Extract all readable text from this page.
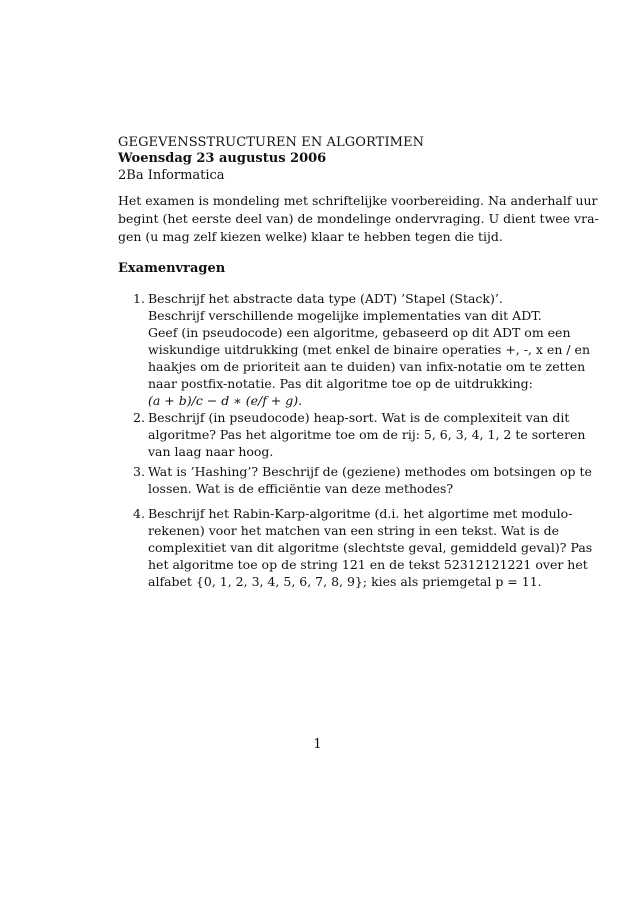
GEGEVENSSTRUCTUREN EN ALGORTIMEN
Woensdag 23 augustus 2006
2Ba Informatica
Het examen is mondeling met schriftelijke voorbereiding. Na anderhalf uur
begint (het eerste deel van) de mondelinge ondervraging. U dient twee vra-
gen (u mag zelf kiezen welke) klaar te hebben tegen die tijd.
Examenvragen
1. Beschrijf het abstracte data type (ADT) ’Stapel (Stack)’.
Beschrijf verschillende mogelijke implementaties van dit ADT.
Geef (in pseudocode) een algoritme, gebaseerd op dit ADT om een
wiskundige uitdrukking (met enkel de binaire operaties +, -, x en / en
haakjes om de prioriteit aan te duiden) van infix-notatie om te zetten
naar postfix-notatie. Pas dit algoritme toe op de uitdrukking:
(a + b)/c − d ∗ (e/f + g).
2. Beschrijf (in pseudocode) heap-sort. Wat is de complexiteit van dit
algoritme? Pas het algoritme toe om de rij: 5, 6, 3, 4, 1, 2 te sorteren
van laag naar hoog.
3. Wat is ’Hashing’? Beschrijf de (geziene) methodes om botsingen op te
lossen. Wat is de efficiëntie van deze methodes?
4. Beschrijf het Rabin-Karp-algoritme (d.i. het algortime met modulo-
rekenen) voor het matchen van een string in een tekst. Wat is de
complexitiet van dit algoritme (slechtste geval, gemiddeld geval)? Pas
het algoritme toe op de string 121 en de tekst 52312121221 over het
alfabet {0, 1, 2, 3, 4, 5, 6, 7, 8, 9}; kies als priemgetal p = 11.
1
